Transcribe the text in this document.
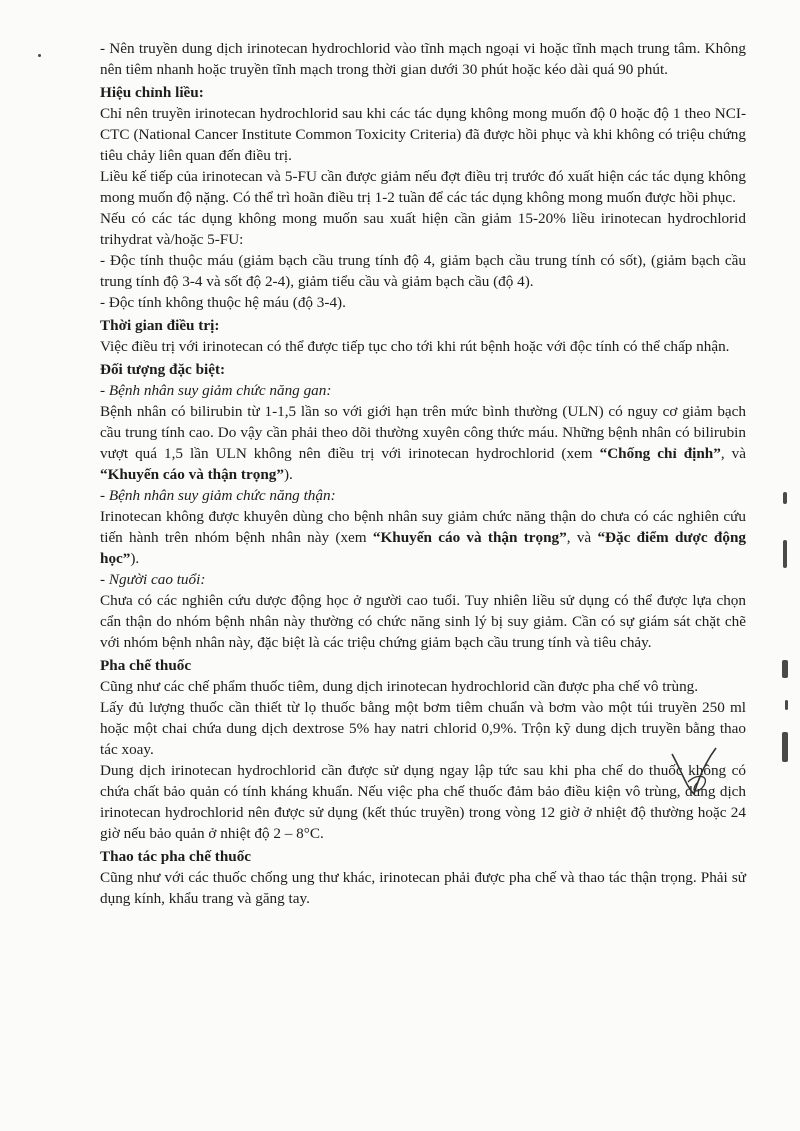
- Nên truyền dung dịch irinotecan hydrochlorid vào tĩnh mạch ngoại vi hoặc tĩnh mạch trung tâm. Không nên tiêm nhanh hoặc truyền tĩnh mạch trong thời gian dưới 30 phút hoặc kéo dài quá 90 phút.

Hiệu chỉnh liều:

Chỉ nên truyền irinotecan hydrochlorid sau khi các tác dụng không mong muốn độ 0 hoặc độ 1 theo NCI-CTC (National Cancer Institute Common Toxicity Criteria) đã được hồi phục và khi không có triệu chứng tiêu chảy liên quan đến điều trị.

Liều kế tiếp của irinotecan và 5-FU cần được giảm nếu đợt điều trị trước đó xuất hiện các tác dụng không mong muốn độ nặng. Có thể trì hoãn điều trị 1-2 tuần để các tác dụng không mong muốn được hồi phục.

Nếu có các tác dụng không mong muốn sau xuất hiện cần giảm 15-20% liều irinotecan hydrochlorid trihydrat và/hoặc 5-FU:

- Độc tính thuộc máu (giảm bạch cầu trung tính độ 4, giảm bạch cầu trung tính có sốt), (giảm bạch cầu trung tính độ 3-4 và sốt độ 2-4), giảm tiểu cầu và giảm bạch cầu (độ 4).

- Độc tính không thuộc hệ máu (độ 3-4).

Thời gian điều trị:

Việc điều trị với irinotecan có thể được tiếp tục cho tới khi rút bệnh hoặc với độc tính có thể chấp nhận.

Đối tượng đặc biệt:

- Bệnh nhân suy giảm chức năng gan:

Bệnh nhân có bilirubin từ 1-1,5 lần so với giới hạn trên mức bình thường (ULN) có nguy cơ giảm bạch cầu trung tính cao. Do vậy cần phải theo dõi thường xuyên công thức máu. Những bệnh nhân có bilirubin vượt quá 1,5 lần ULN không nên điều trị với irinotecan hydrochlorid (xem “Chống chỉ định”, và “Khuyến cáo và thận trọng”).

- Bệnh nhân suy giảm chức năng thận:

Irinotecan không được khuyên dùng cho bệnh nhân suy giảm chức năng thận do chưa có các nghiên cứu tiến hành trên nhóm bệnh nhân này (xem “Khuyến cáo và thận trọng”, và “Đặc điểm dược động học”).

- Người cao tuổi:

Chưa có các nghiên cứu dược động học ở người cao tuổi. Tuy nhiên liều sử dụng có thể được lựa chọn cẩn thận do nhóm bệnh nhân này thường có chức năng sinh lý bị suy giảm. Cần có sự giám sát chặt chẽ với nhóm bệnh nhân này, đặc biệt là các triệu chứng giảm bạch cầu trung tính và tiêu chảy.

Pha chế thuốc

Cũng như các chế phẩm thuốc tiêm, dung dịch irinotecan hydrochlorid cần được pha chế vô trùng.

Lấy đủ lượng thuốc cần thiết từ lọ thuốc bằng một bơm tiêm chuẩn và bơm vào một túi truyền 250 ml hoặc một chai chứa dung dịch dextrose 5% hay natri chlorid 0,9%. Trộn kỹ dung dịch truyền bằng thao tác xoay.

Dung dịch irinotecan hydrochlorid cần được sử dụng ngay lập tức sau khi pha chế do thuốc không có chứa chất bảo quản có tính kháng khuẩn. Nếu việc pha chế thuốc đảm bảo điều kiện vô trùng, dung dịch irinotecan hydrochlorid nên được sử dụng (kết thúc truyền) trong vòng 12 giờ ở nhiệt độ thường hoặc 24 giờ nếu bảo quản ở nhiệt độ 2 – 8°C.

Thao tác pha chế thuốc

Cũng như với các thuốc chống ung thư khác, irinotecan phải được pha chế và thao tác thận trọng. Phải sử dụng kính, khẩu trang và găng tay.
